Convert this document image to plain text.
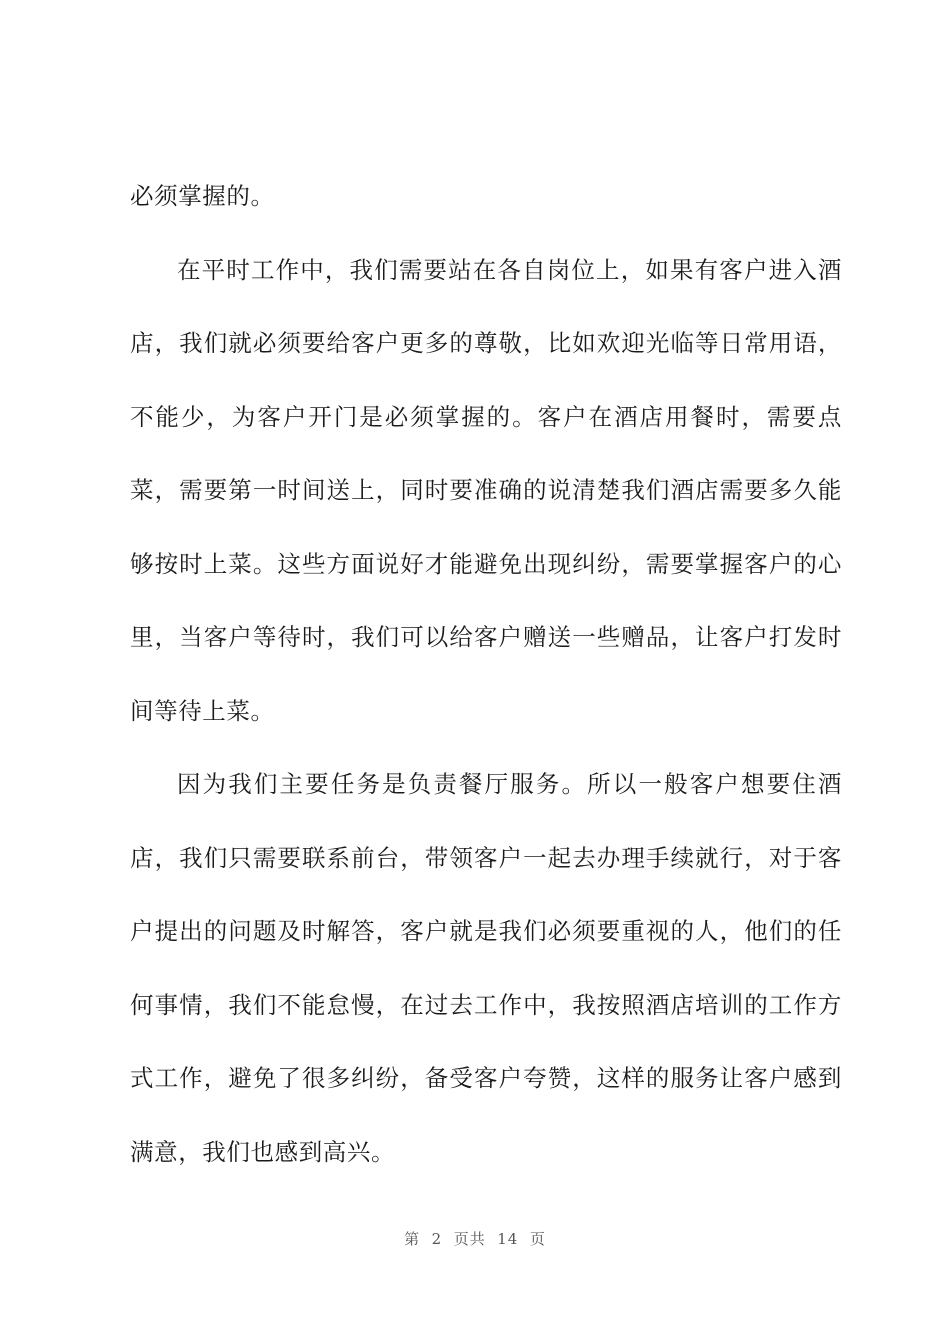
必须掌握的。

在平时工作中，我们需要站在各自岗位上，如果有客户进入酒店，我们就必须要给客户更多的尊敬，比如欢迎光临等日常用语，不能少，为客户开门是必须掌握的。客户在酒店用餐时，需要点菜，需要第一时间送上，同时要准确的说清楚我们酒店需要多久能够按时上菜。这些方面说好才能避免出现纠纷，需要掌握客户的心里，当客户等待时，我们可以给客户赠送一些赠品，让客户打发时间等待上菜。

因为我们主要任务是负责餐厅服务。所以一般客户想要住酒店，我们只需要联系前台，带领客户一起去办理手续就行，对于客户提出的问题及时解答，客户就是我们必须要重视的人，他们的任何事情，我们不能怠慢，在过去工作中，我按照酒店培训的工作方式工作，避免了很多纠纷，备受客户夸赞，这样的服务让客户感到满意，我们也感到高兴。

第  2  页共  14  页
